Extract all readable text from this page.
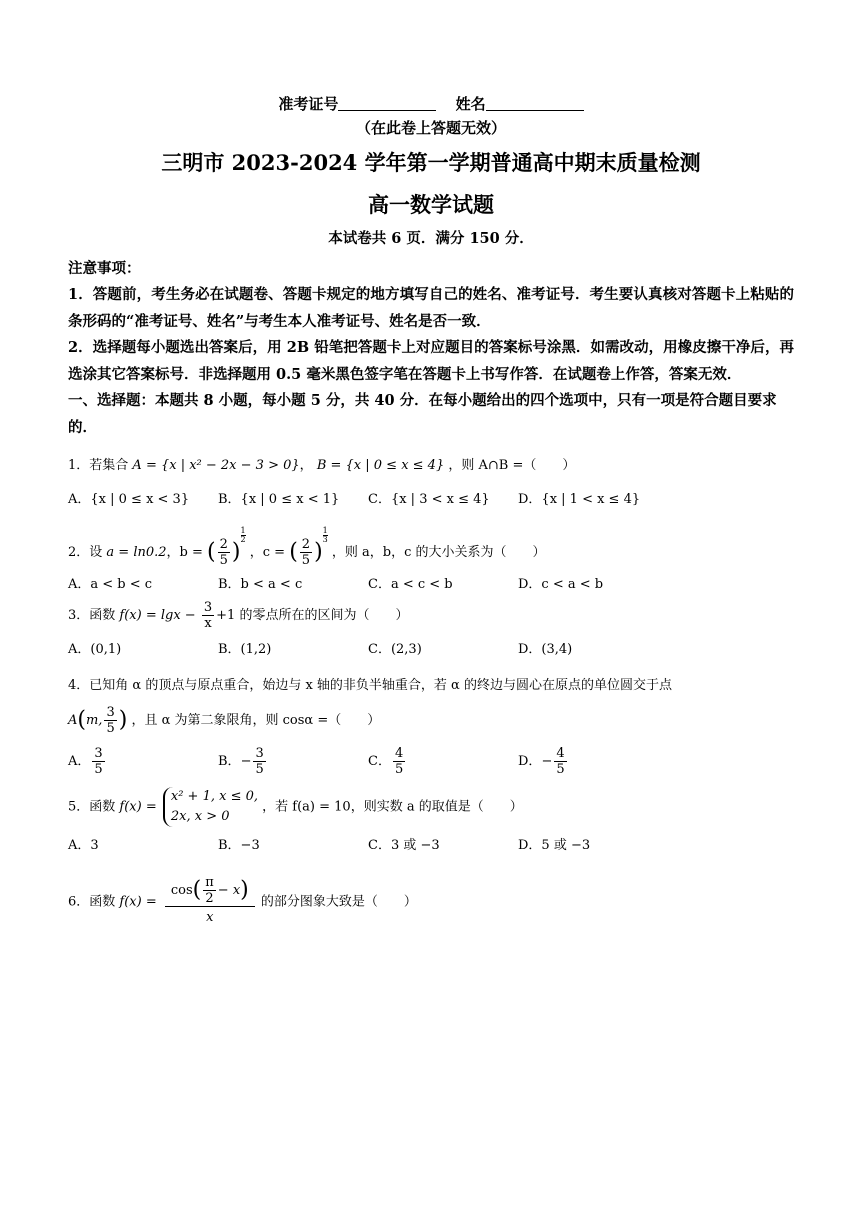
准考证号	姓名
（在此卷上答题无效）
三明市 2023-2024 学年第一学期普通高中期末质量检测
高一数学试题
本试卷共 6 页．满分 150 分．
注意事项：
1．答题前，考生务必在试题卷、答题卡规定的地方填写自己的姓名、准考证号．考生要认真核对答题卡上粘贴的条形码的“准考证号、姓名”与考生本人准考证号、姓名是否一致．
2．选择题每小题选出答案后，用 2B 铅笔把答题卡上对应题目的答案标号涂黑．如需改动，用橡皮擦干净后，再选涂其它答案标号．非选择题用 0.5 毫米黑色签字笔在答题卡上书写作答．在试题卷上作答，答案无效．
一、选择题：本题共 8 小题，每小题 5 分，共 40 分．在每小题给出的四个选项中，只有一项是符合题目要求的．
1．若集合 A = {x | x² − 2x − 3 > 0}， B = {x | 0 ≤ x ≤ 4} ，则 A∩B =（　　）
A．{x | 0 ≤ x < 3}	B．{x | 0 ≤ x < 1}	C．{x | 3 < x ≤ 4}	D．{x | 1 < x ≤ 4}
2．设 a = ln0.2，b = ( $\frac{2}{5}$ )
$\frac{1}{2}$
，c = ( $\frac{2}{5}$ )
$\frac{1}{3}$
，则 a，b，c 的大小关系为（　　）
A．a < b < c	B．b < a < c	C．a < c < b	D．c < a < b
3．函数 $f(x) = \lg x - \frac{3}{x} +1$ 的零点所在的区间为（　　）
A．(0,1)	B．(1,2)	C．(2,3)	D．(3,4)
4．已知角 α 的顶点与原点重合，始边与 x 轴的非负半轴重合，若 α 的终边与圆心在原点的单位圆交于点
A(m, $\frac{3}{5}$ ) ，且 α 为第二象限角，则 cosα =（　　）
A． $\frac{3}{5}$	B．− $\frac{3}{5}$	C． $\frac{4}{5}$	D．− $\frac{4}{5}$
5．函数 f(x) =
x² + 1, x ≤ 0,
2x, x > 0
，若 f(a) = 10，则实数 a 的取值是（　　）
A．3	B．−3	C．3 或 −3	D．5 或 −3
6．函数 $f(x) = \frac{\cos( \frac{\pi}{2} - x)}{x}$ 的部分图象大致是（　　）
